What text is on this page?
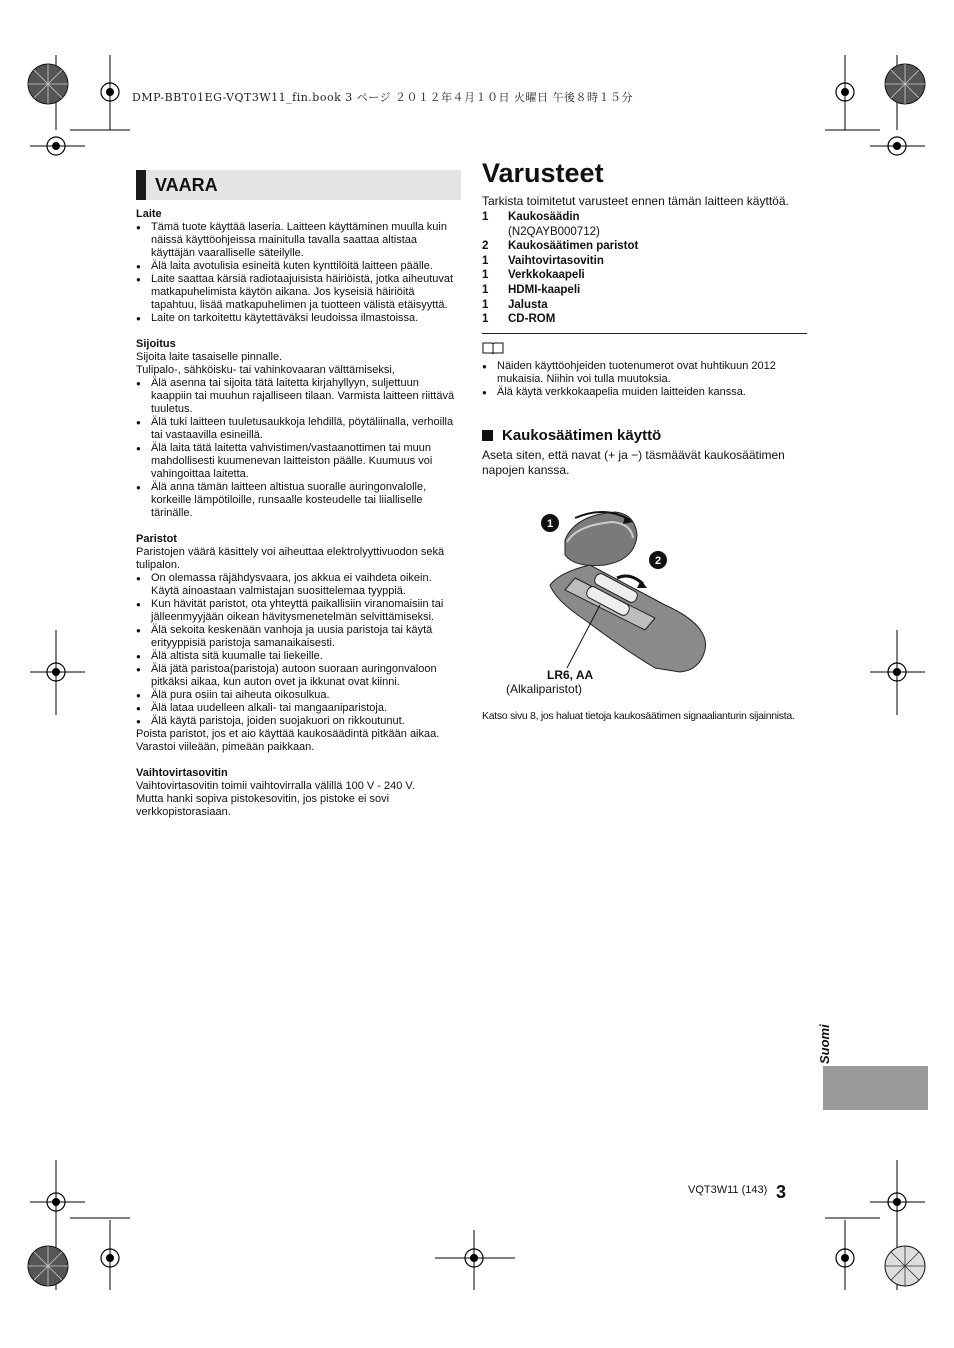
DMP-BBT01EG-VQT3W11_fin.book 3 ページ ２０１２年４月１０日 火曜日 午後８時１５分
VAARA
Laite
● Tämä tuote käyttää laseria. Laitteen käyttäminen muulla kuin näissä käyttöohjeissa mainitulla tavalla saattaa altistaa käyttäjän vaaralliselle säteilylle.
● Älä laita avotulisia esineitä kuten kynttilöitä laitteen päälle.
● Laite saattaa kärsiä radiotaajuisista häiriöistä, jotka aiheutuvat matkapuhelimista käytön aikana. Jos kyseisiä häiriöitä tapahtuu, lisää matkapuhelimen ja tuotteen välistä etäisyyttä.
● Laite on tarkoitettu käytettäväksi leudoissa ilmastoissa.
Sijoitus
Sijoita laite tasaiselle pinnalle.
Tulipalo-, sähköisku- tai vahinkovaaran välttämiseksi,
● Älä asenna tai sijoita tätä laitetta kirjahyllyyn, suljettuun kaappiin tai muuhun rajalliseen tilaan. Varmista laitteen riittävä tuuletus.
● Älä tuki laitteen tuuletusaukkoja lehdillä, pöytäliinalla, verhoilla tai vastaavilla esineillä.
● Älä laita tätä laitetta vahvistimen/vastaanottimen tai muun mahdollisesti kuumenevan laitteiston päälle. Kuumuus voi vahingoittaa laitetta.
● Älä anna tämän laitteen altistua suoralle auringonvalolle, korkeille lämpötiloille, runsaalle kosteudelle tai liialliselle tärinälle.
Paristot
Paristojen väärä käsittely voi aiheuttaa elektrolyyttivuodon sekä tulipalon.
● On olemassa räjähdysvaara, jos akkua ei vaihdeta oikein. Käytä ainoastaan valmistajan suosittelemaa tyyppiä.
● Kun hävität paristot, ota yhteyttä paikallisiin viranomaisiin tai jälleenmyyjään oikean hävitysmenetelmän selvittämiseksi.
● Älä sekoita keskenään vanhoja ja uusia paristoja tai käytä erityyppisiä paristoja samanaikaisesti.
● Älä altista sitä kuumalle tai liekeille.
● Älä jätä paristoa(paristoja) autoon suoraan auringonvaloon pitkäksi aikaa, kun auton ovet ja ikkunat ovat kiinni.
● Älä pura osiin tai aiheuta oikosulkua.
● Älä lataa uudelleen alkali- tai mangaaniparistoja.
● Älä käytä paristoja, joiden suojakuori on rikkoutunut.
Poista paristot, jos et aio käyttää kaukosäädintä pitkään aikaa. Varastoi viileään, pimeään paikkaan.
Vaihtovirtasovitin
Vaihtovirtasovitin toimii vaihtovirralla välillä 100 V - 240 V.
Mutta hanki sopiva pistokesovitin, jos pistoke ei sovi verkkopistorasiaan.
Varusteet

Tarkista toimitetut varusteet ennen tämän laitteen käyttöä.

1	Kaukosäädin
(N2QAYB000712)
2	Kaukosäätimen paristot
1	Vaihtovirtasovitin
1	Verkkokaapeli
1	HDMI-kaapeli
1	Jalusta
1	CD-ROM
● Näiden käyttöohjeiden tuotenumerot ovat huhtikuun 2012 mukaisia. Niihin voi tulla muutoksia.
● Älä käytä verkkokaapelia muiden laitteiden kanssa.
Kaukosäätimen käyttö

Aseta siten, että navat (+ ja −) täsmäävät kaukosäätimen napojen kanssa.

1
2
LR6, AA
(Alkaliparistot)
Katso sivu 8, jos haluat tietoja kaukosäätimen signaalianturin sijainnista.
Suomi
VQT3W11 (143) 3
